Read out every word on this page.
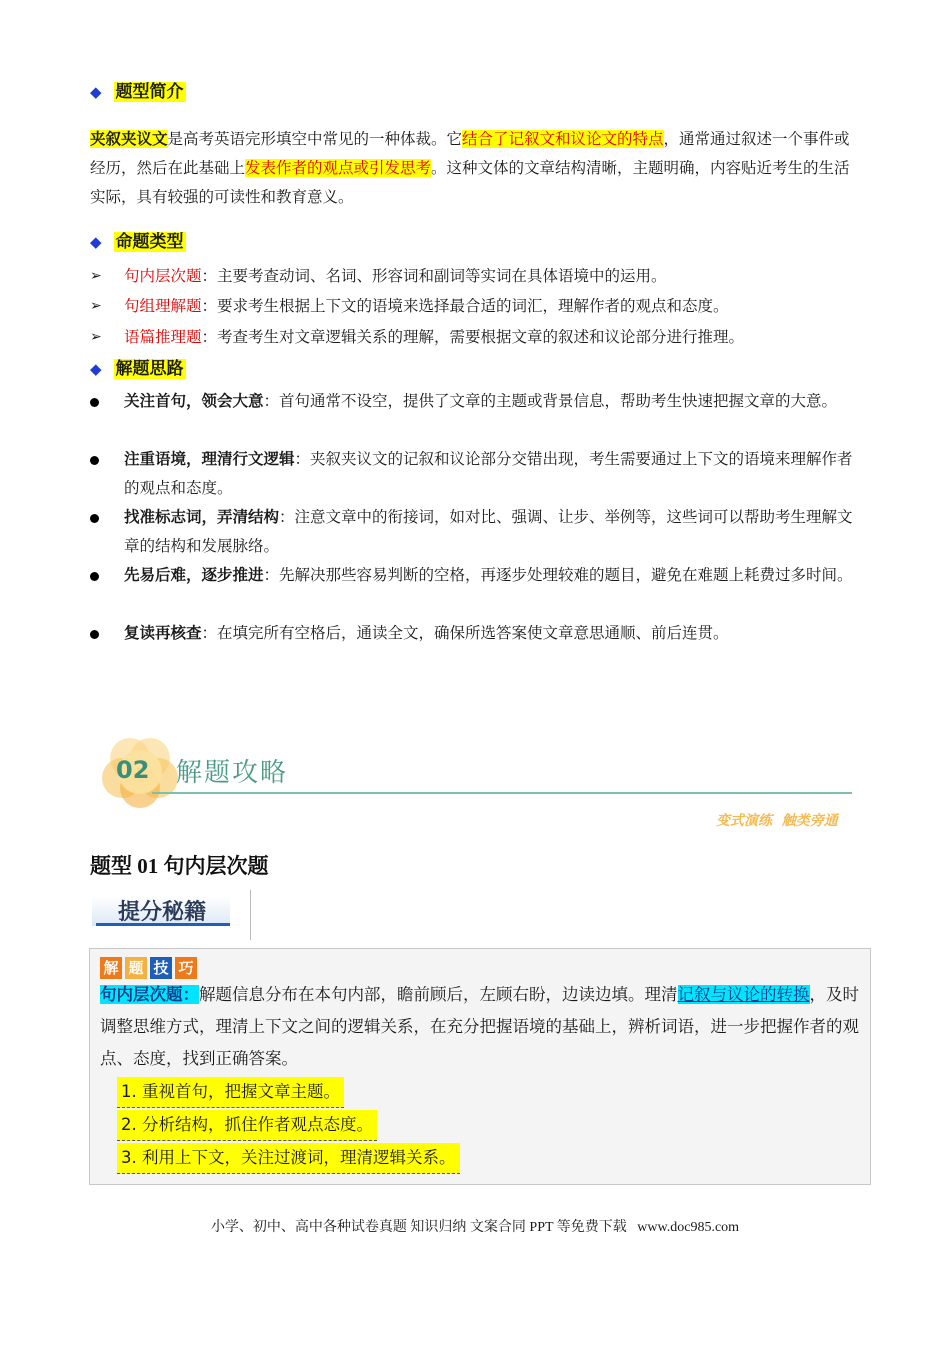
◆ 题型简介
夹叙夹议文是高考英语完形填空中常见的一种体裁。它结合了记叙文和议论文的特点，通常通过叙述一个事件或经历，然后在此基础上发表作者的观点或引发思考。这种文体的文章结构清晰，主题明确，内容贴近考生的生活实际，具有较强的可读性和教育意义。
◆ 命题类型
➢ 句内层次题：主要考查动词、名词、形容词和副词等实词在具体语境中的运用。
➢ 句组理解题：要求考生根据上下文的语境来选择最合适的词汇，理解作者的观点和态度。
➢ 语篇推理题：考查考生对文章逻辑关系的理解，需要根据文章的叙述和议论部分进行推理。
◆ 解题思路
关注首句，领会大意：首句通常不设空，提供了文章的主题或背景信息，帮助考生快速把握文章的大意。
注重语境，理清行文逻辑：夹叙夹议文的记叙和议论部分交错出现，考生需要通过上下文的语境来理解作者的观点和态度。
找准标志词，弄清结构：注意文章中的衔接词，如对比、强调、让步、举例等，这些词可以帮助考生理解文章的结构和发展脉络。
先易后难，逐步推进：先解决那些容易判断的空格，再逐步处理较难的题目，避免在难题上耗费过多时间。
复读再核查：在填完所有空格后，通读全文，确保所选答案使文章意思通顺、前后连贯。
02 解题攻略
变式演练  触类旁通
题型 01 句内层次题
提分秘籍
解 题 技 巧
句内层次题：解题信息分布在本句内部，瞻前顾后，左顾右盼，边读边填。理清记叙与议论的转换，及时调整思维方式，理清上下文之间的逻辑关系，在充分把握语境的基础上，辨析词语，进一步把握作者的观点、态度，找到正确答案。
1. 重视首句，把握文章主题。
2. 分析结构，抓住作者观点态度。
3. 利用上下文，关注过渡词，理清逻辑关系。
小学、初中、高中各种试卷真题 知识归纳 文案合同 PPT 等免费下载   www.doc985.com
